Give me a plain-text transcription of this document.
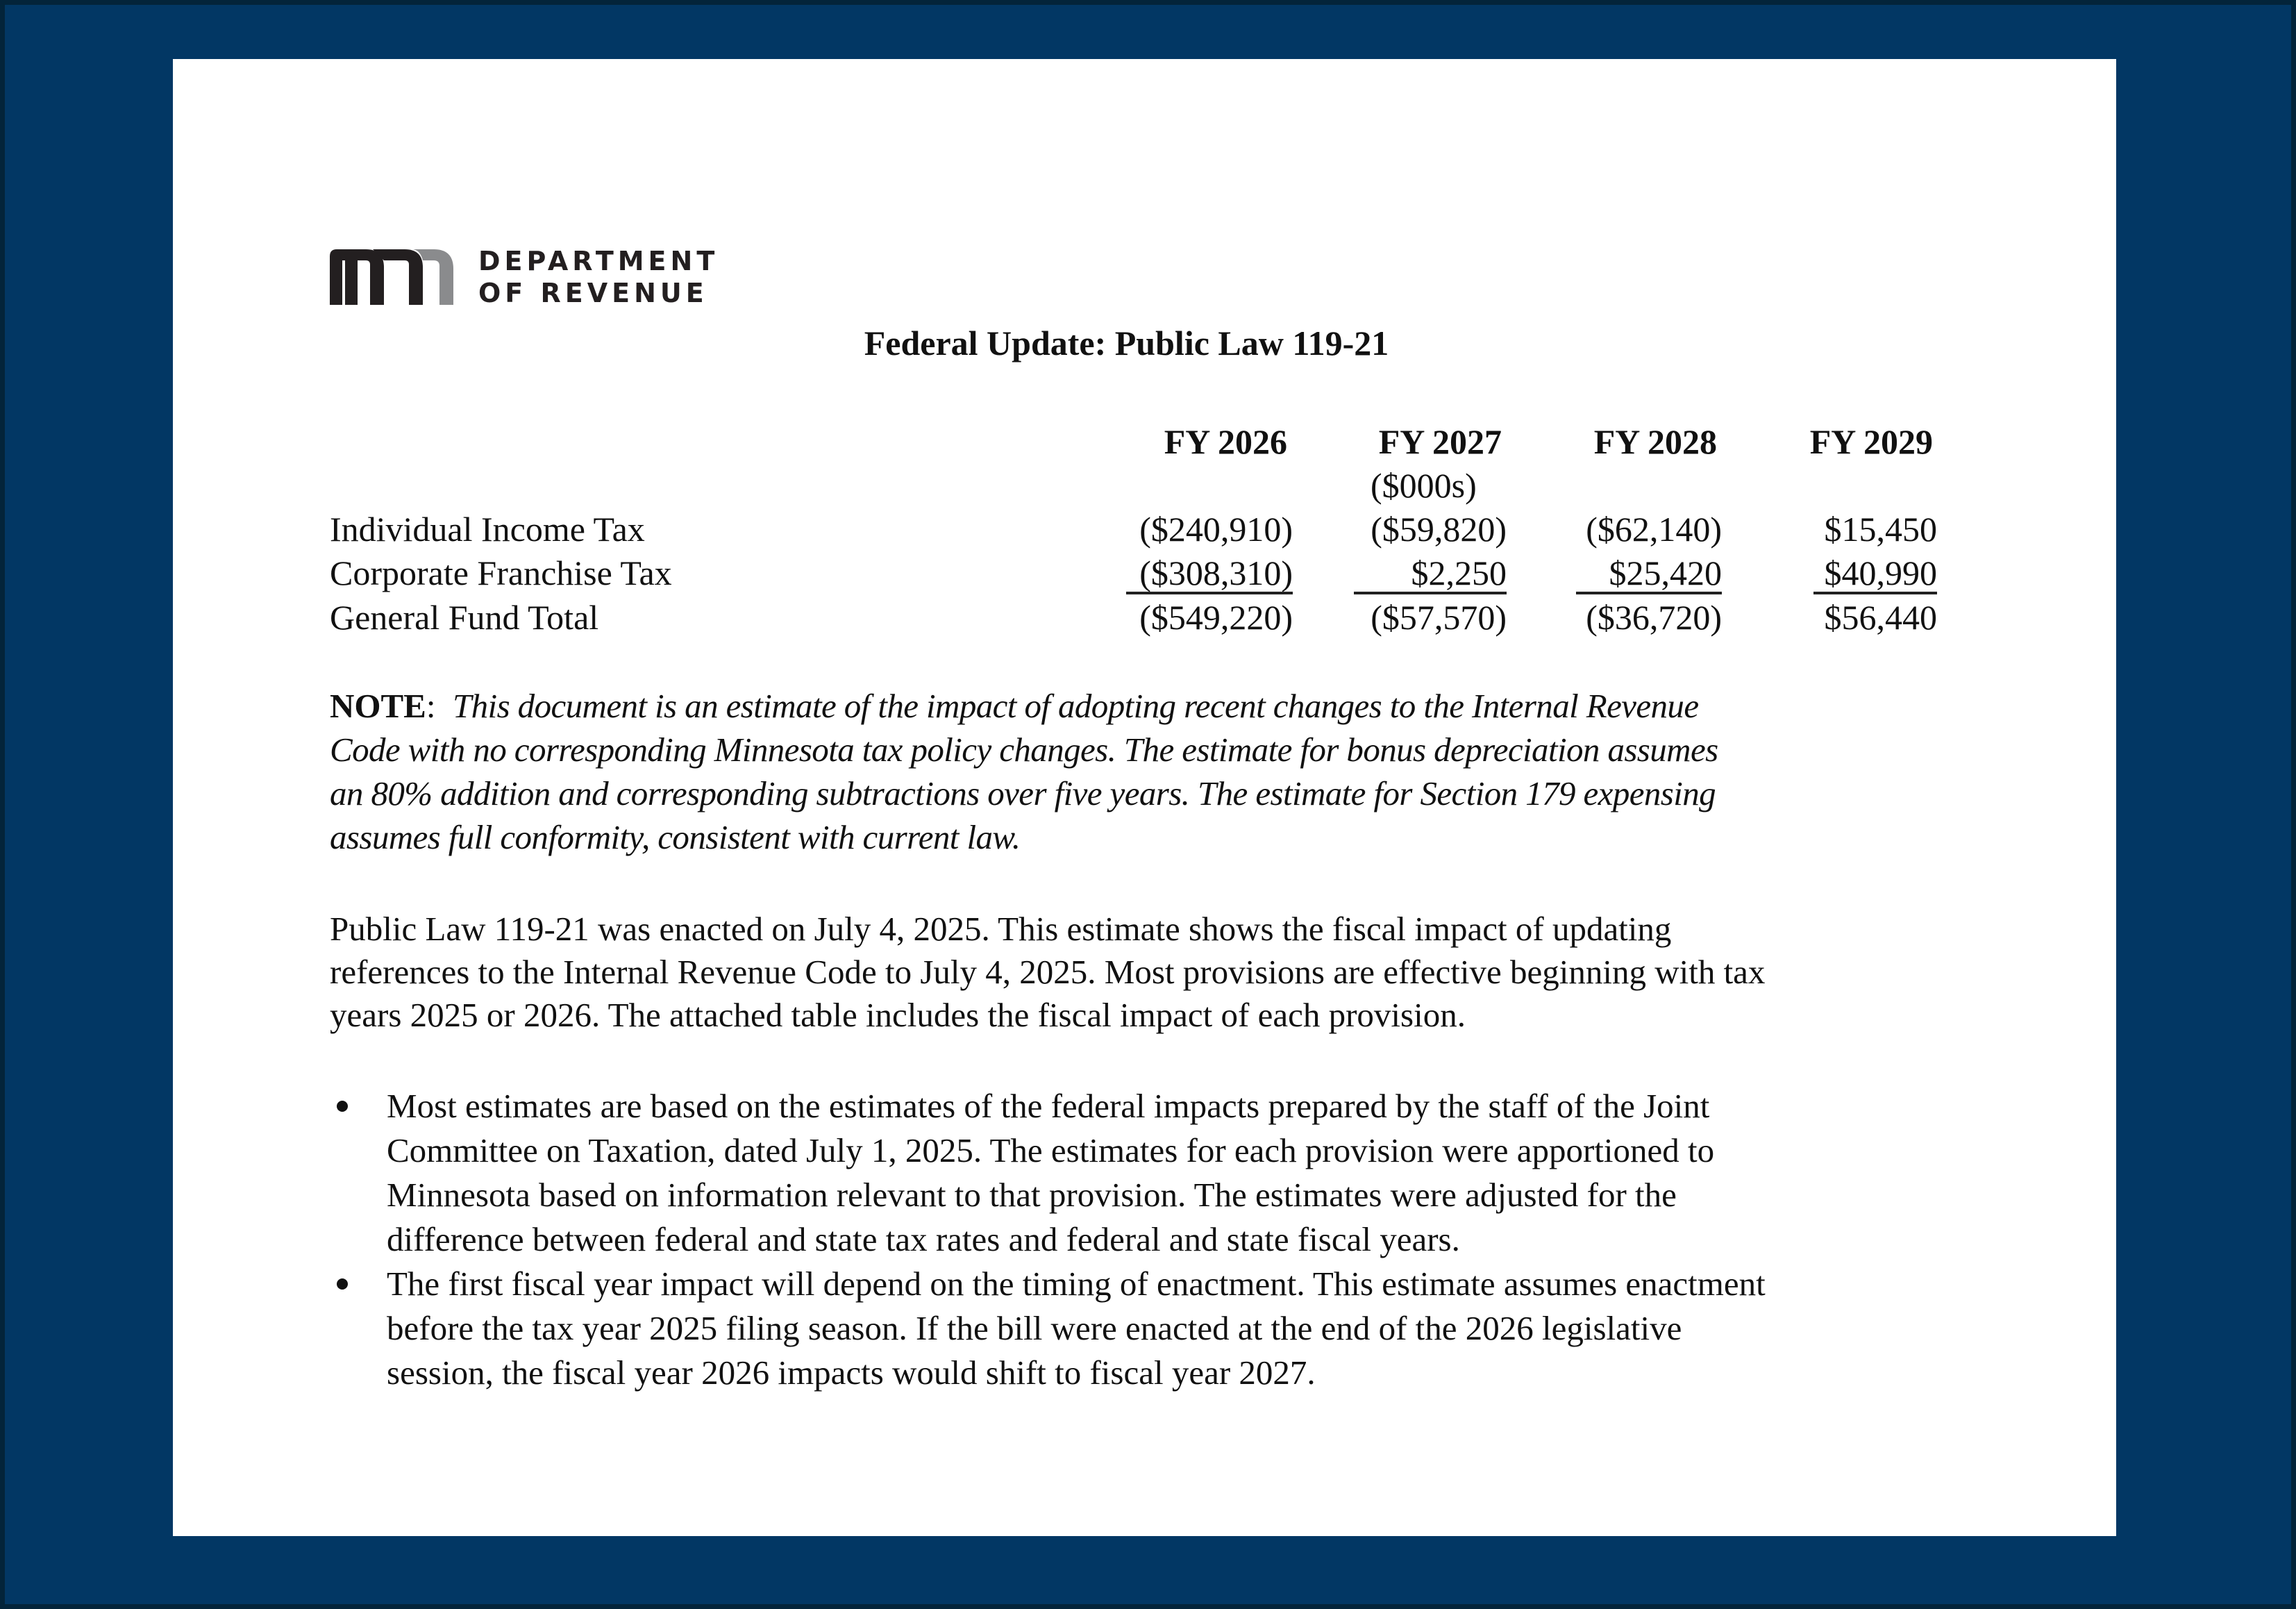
DEPARTMENT
OF REVENUE
Federal Update: Public Law 119-21
FY 2026	FY 2027	FY 2028	FY 2029
($000s)
Individual Income Tax	($240,910) ($59,820) ($62,140)	$15,450
Corporate Franchise Tax	($308,310)	$2,250	$25,420	$40,990
General Fund Total	($549,220) ($57,570) ($36,720)	$56,440
NOTE:  This document is an estimate of the impact of adopting recent changes to the Internal Revenue
Code with no corresponding Minnesota tax policy changes. The estimate for bonus depreciation assumes
an 80% addition and corresponding subtractions over five years. The estimate for Section 179 expensing
assumes full conformity, consistent with current law.
Public Law 119-21 was enacted on July 4, 2025. This estimate shows the fiscal impact of updating
references to the Internal Revenue Code to July 4, 2025. Most provisions are effective beginning with tax
years 2025 or 2026. The attached table includes the fiscal impact of each provision.
Most estimates are based on the estimates of the federal impacts prepared by the staff of the Joint
Committee on Taxation, dated July 1, 2025. The estimates for each provision were apportioned to
Minnesota based on information relevant to that provision. The estimates were adjusted for the
difference between federal and state tax rates and federal and state fiscal years.
The first fiscal year impact will depend on the timing of enactment. This estimate assumes enactment
before the tax year 2025 filing season. If the bill were enacted at the end of the 2026 legislative
session, the fiscal year 2026 impacts would shift to fiscal year 2027.
